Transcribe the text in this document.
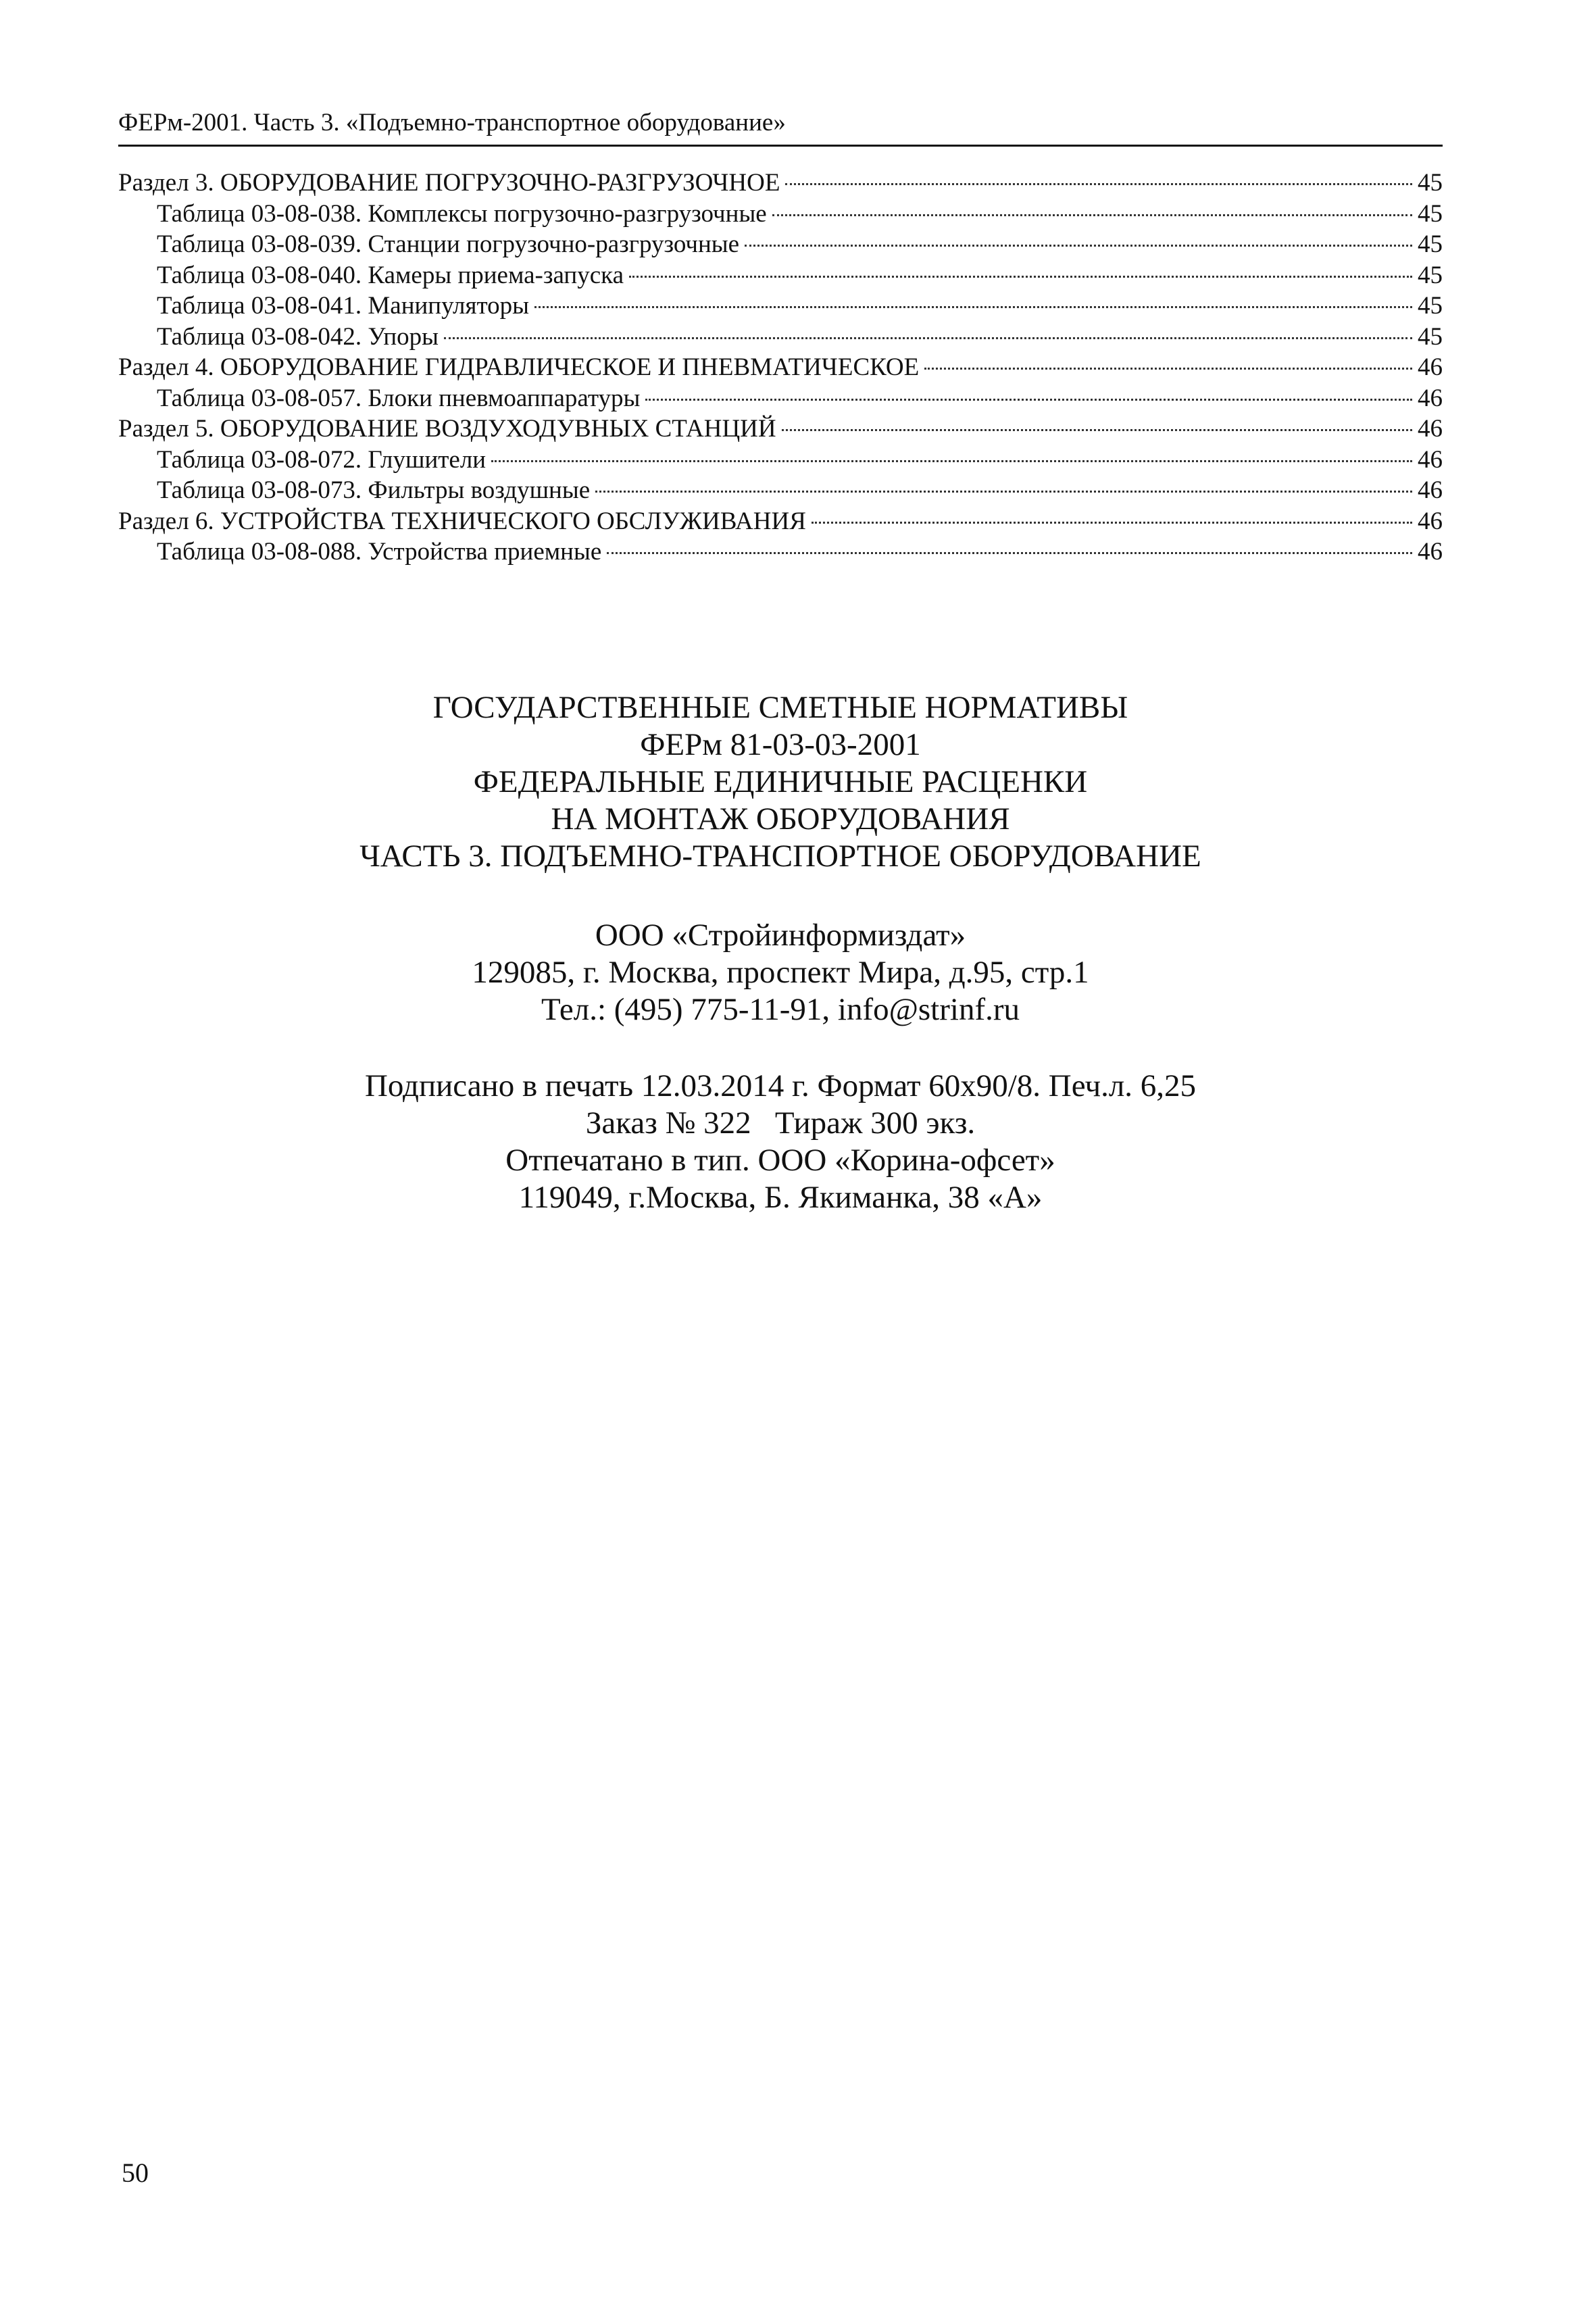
ФЕРм-2001. Часть 3. «Подъемно-транспортное оборудование»
Раздел 3. ОБОРУДОВАНИЕ ПОГРУЗОЧНО-РАЗГРУЗОЧНОЕ	45
Таблица 03-08-038. Комплексы погрузочно-разгрузочные	45
Таблица 03-08-039. Станции погрузочно-разгрузочные	45
Таблица 03-08-040. Камеры приема-запуска	45
Таблица 03-08-041. Манипуляторы	45
Таблица 03-08-042. Упоры	45
Раздел 4. ОБОРУДОВАНИЕ ГИДРАВЛИЧЕСКОЕ И ПНЕВМАТИЧЕСКОЕ	46
Таблица 03-08-057. Блоки пневмоаппаратуры	46
Раздел 5. ОБОРУДОВАНИЕ ВОЗДУХОДУВНЫХ СТАНЦИЙ	46
Таблица 03-08-072. Глушители	46
Таблица 03-08-073. Фильтры воздушные	46
Раздел 6. УСТРОЙСТВА ТЕХНИЧЕСКОГО ОБСЛУЖИВАНИЯ	46
Таблица 03-08-088. Устройства приемные	46
ГОСУДАРСТВЕННЫЕ СМЕТНЫЕ НОРМАТИВЫ
ФЕРм 81-03-03-2001
ФЕДЕРАЛЬНЫЕ ЕДИНИЧНЫЕ РАСЦЕНКИ
НА МОНТАЖ ОБОРУДОВАНИЯ
ЧАСТЬ 3. ПОДЪЕМНО-ТРАНСПОРТНОЕ ОБОРУДОВАНИЕ
ООО «Стройинформиздат»
129085, г. Москва, проспект Мира, д.95, стр.1
Тел.: (495) 775-11-91, info@strinf.ru
Подписано в печать 12.03.2014 г. Формат 60х90/8. Печ.л. 6,25
Заказ № 322   Тираж 300 экз.
Отпечатано в тип. ООО «Корина-офсет»
119049, г.Москва, Б. Якиманка, 38 «А»
50
